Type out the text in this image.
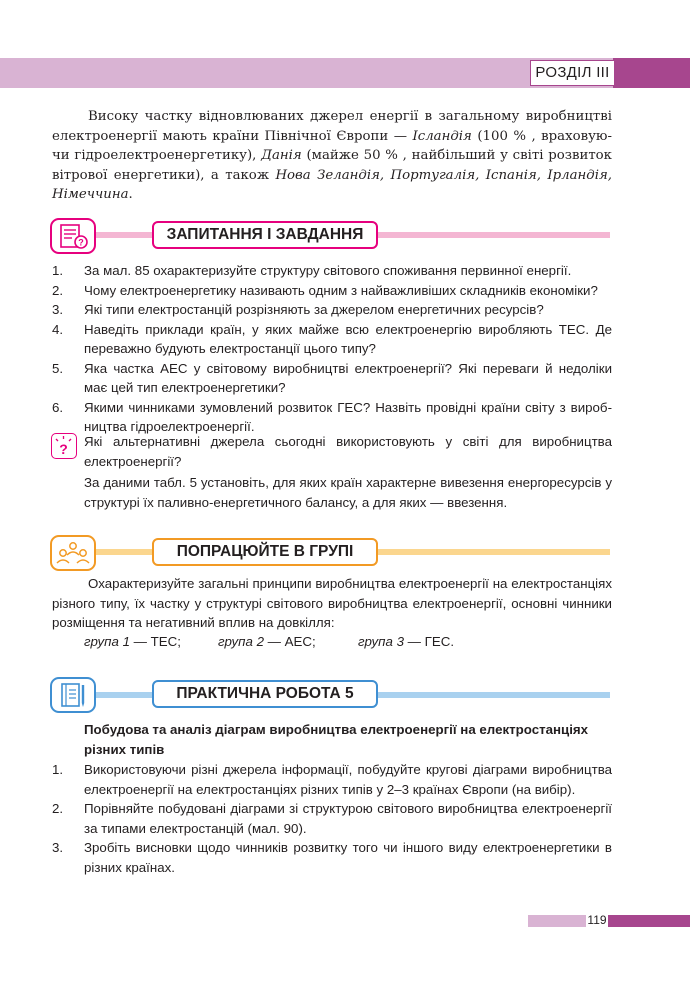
РОЗДІЛ ІІІ

Високу частку відновлюваних джерел енергії в загальному виробництві електроенергії мають країни Північної Європи — Ісландія (100 % , враховуючи гідроелектроенергетику), Данія (майже 50 % , найбільший у світі розвиток вітрової енергетики), а також Нова Зеландія, Португалія, Іспанія, Ірландія, Німеччина.

?	ЗАПИТАННЯ І ЗАВДАННЯ
1.	За мал. 85 охарактеризуйте структуру світового споживання первинної енергії.
2.	Чому електроенергетику називають одним з найважливіших складників економіки?
3.	Які типи електростанцій розрізняють за джерелом енергетичних ресурсів?
4.	Наведіть приклади країн, у яких майже всю електроенергію виробляють ТЕС. Де переважно будують електростанції цього типу?
5.	Яка частка АЕС у світовому виробництві електроенергії? Які переваги й недоліки має цей тип електроенергетики?
6.	Якими чинниками зумовлений розвиток ГЕС? Назвіть провідні країни світу з виробництва гідроелектроенергії.
? Які альтернативні джерела сьогодні використовують у світі для виробництва електроенергії?

За даними табл. 5 установіть, для яких країн характерне вивезення енергоресурсів у структурі їх паливно-енергетичного балансу, а для яких — ввезення.

ПОПРАЦЮЙТЕ В ГРУПІ

Охарактеризуйте загальні принципи виробництва електроенергії на електростанціях різного типу, їх частку у структурі світового виробництва електроенергії, основні чинники розміщення та негативний вплив на довкілля:

група 1 — ТЕС;	група 2 — АЕС;	група 3 — ГЕС.
ПРАКТИЧНА РОБОТА 5

Побудова та аналіз діаграм виробництва електроенергії на електростанціях різних типів

1.	Використовуючи різні джерела інформації, побудуйте кругові діаграми виробництва електроенергії на електростанціях різних типів у 2–3 країнах Європи (на вибір).
2.	Порівняйте побудовані діаграми зі структурою світового виробництва електроенергії за типами електростанцій (мал. 90).
3.	Зробіть висновки щодо чинників розвитку того чи іншого виду електроенергетики в різних країнах.
119
